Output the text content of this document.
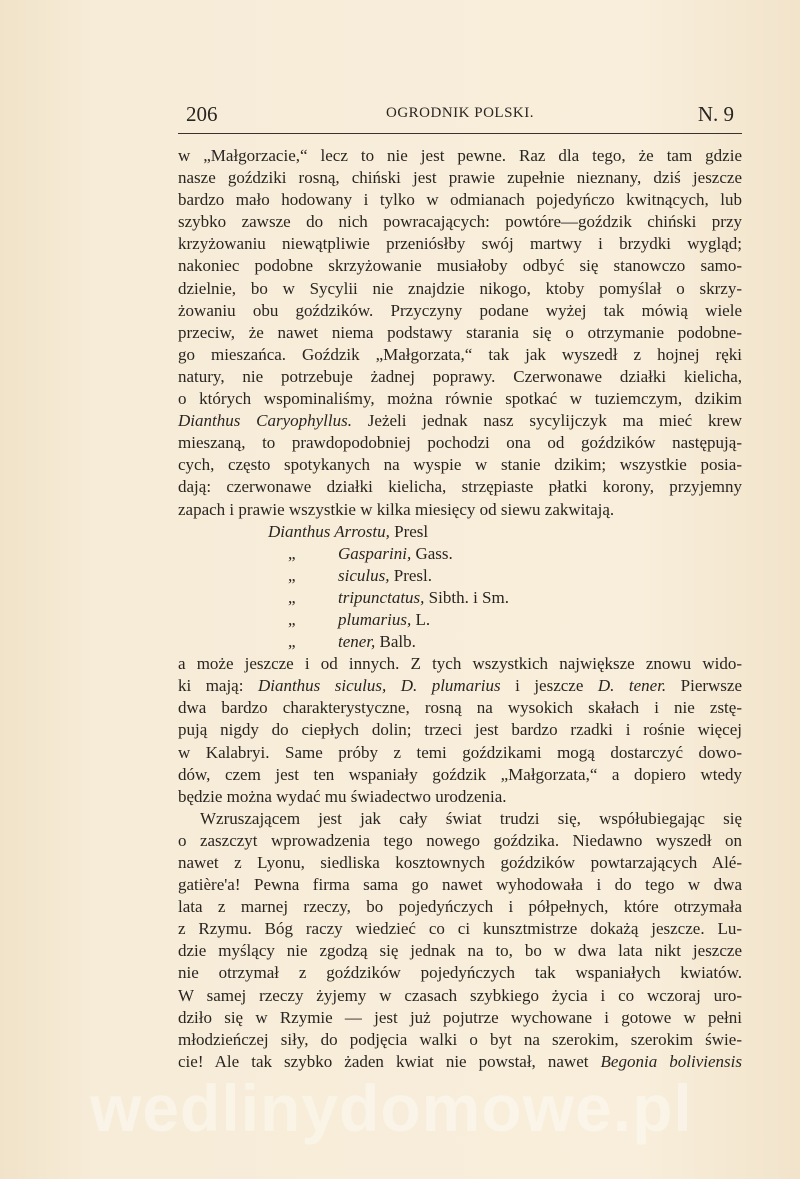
206	OGRODNIK POLSKI.	N. 9
w „Małgorzacie,“ lecz to nie jest pewne. Raz dla tego, że tam gdzie
nasze goździki rosną, chiński jest prawie zupełnie nieznany, dziś jeszcze
bardzo mało hodowany i tylko w odmianach pojedyńczo kwitnących, lub
szybko zawsze do nich powracających: powtóre—goździk chiński przy
krzyżowaniu niewątpliwie przeniósłby swój martwy i brzydki wygląd;
nakoniec podobne skrzyżowanie musiałoby odbyć się stanowczo samo-
dzielnie, bo w Sycylii nie znajdzie nikogo, ktoby pomyślał o skrzy-
żowaniu obu goździków. Przyczyny podane wyżej tak mówią wiele
przeciw, że nawet niema podstawy starania się o otrzymanie podobne-
go mieszańca. Goździk „Małgorzata,“ tak jak wyszedł z hojnej ręki
natury, nie potrzebuje żadnej poprawy. Czerwonawe działki kielicha,
o których wspominaliśmy, można równie spotkać w tuziemczym, dzikim
Dianthus Caryophyllus. Jeżeli jednak nasz sycylijczyk ma mieć krew
mieszaną, to prawdopodobniej pochodzi ona od goździków następują-
cych, często spotykanych na wyspie w stanie dzikim; wszystkie posia-
dają: czerwonawe działki kielicha, strzępiaste płatki korony, przyjemny
zapach i prawie wszystkie w kilka miesięcy od siewu zakwitają.
Dianthus Arrostu, Presl
„ Gasparini, Gass.
„ siculus, Presl.
„ tripunctatus, Sibth. i Sm.
„ plumarius, L.
„ tener, Balb.
a może jeszcze i od innych. Z tych wszystkich największe znowu wido-
ki mają: Dianthus siculus, D. plumarius i jeszcze D. tener. Pierwsze
dwa bardzo charakterystyczne, rosną na wysokich skałach i nie zstę-
pują nigdy do ciepłych dolin; trzeci jest bardzo rzadki i rośnie więcej
w Kalabryi. Same próby z temi goździkami mogą dostarczyć dowo-
dów, czem jest ten wspaniały goździk „Małgorzata,“ a dopiero wtedy
będzie można wydać mu świadectwo urodzenia.
Wzruszającem jest jak cały świat trudzi się, współubiegając się
o zaszczyt wprowadzenia tego nowego goździka. Niedawno wyszedł on
nawet z Lyonu, siedliska kosztownych goździków powtarzających Alé-
gatière'a! Pewna firma sama go nawet wyhodowała i do tego w dwa
lata z marnej rzeczy, bo pojedyńczych i półpełnych, które otrzymała
z Rzymu. Bóg raczy wiedzieć co ci kunsztmistrze dokażą jeszcze. Lu-
dzie myślący nie zgodzą się jednak na to, bo w dwa lata nikt jeszcze
nie otrzymał z goździków pojedyńczych tak wspaniałych kwiatów.
W samej rzeczy żyjemy w czasach szybkiego życia i co wczoraj uro-
dziło się w Rzymie — jest już pojutrze wychowane i gotowe w pełni
młodzieńczej siły, do podjęcia walki o byt na szerokim, szerokim świe-
cie! Ale tak szybko żaden kwiat nie powstał, nawet Begonia boliviensis
wedlinydomowe.pl
